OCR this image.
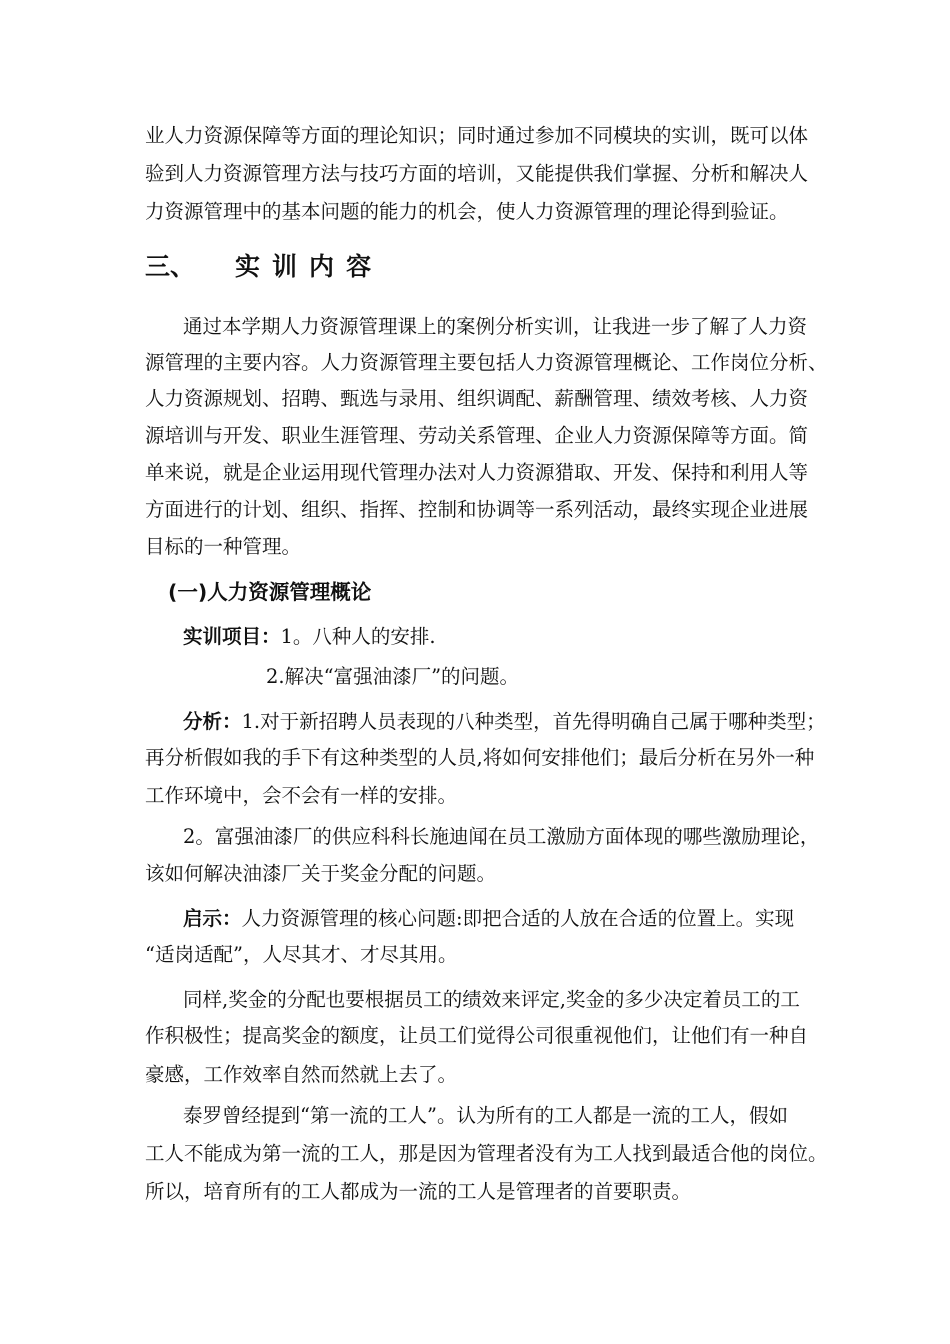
业人力资源保障等方面的理论知识；同时通过参加不同模块的实训，既可以体
验到人力资源管理方法与技巧方面的培训，又能提供我们掌握、分析和解决人
力资源管理中的基本问题的能力的机会，使人力资源管理的理论得到验证。
三、 实 训 内 容
通过本学期人力资源管理课上的案例分析实训，让我进一步了解了人力资
源管理的主要内容。人力资源管理主要包括人力资源管理概论、工作岗位分析、
人力资源规划、招聘、甄选与录用、组织调配、薪酬管理、绩效考核、人力资
源培训与开发、职业生涯管理、劳动关系管理、企业人力资源保障等方面。简
单来说，就是企业运用现代管理办法对人力资源猎取、开发、保持和利用人等
方面进行的计划、组织、指挥、控制和协调等一系列活动，最终实现企业进展
目标的一种管理。
(一)人力资源管理概论
实训项目：1。八种人的安排.
2.解决“富强油漆厂”的问题。
分析：1.对于新招聘人员表现的八种类型，首先得明确自己属于哪种类型；
再分析假如我的手下有这种类型的人员,将如何安排他们；最后分析在另外一种
工作环境中，会不会有一样的安排。
2。富强油漆厂的供应科科长施迪闻在员工激励方面体现的哪些激励理论，
该如何解决油漆厂关于奖金分配的问题。
启示：人力资源管理的核心问题:即把合适的人放在合适的位置上。实现
“适岗适配”，人尽其才、才尽其用。
同样,奖金的分配也要根据员工的绩效来评定,奖金的多少决定着员工的工
作积极性；提高奖金的额度，让员工们觉得公司很重视他们，让他们有一种自
豪感，工作效率自然而然就上去了。
泰罗曾经提到“第一流的工人”。认为所有的工人都是一流的工人，假如
工人不能成为第一流的工人，那是因为管理者没有为工人找到最适合他的岗位。
所以，培育所有的工人都成为一流的工人是管理者的首要职责。
